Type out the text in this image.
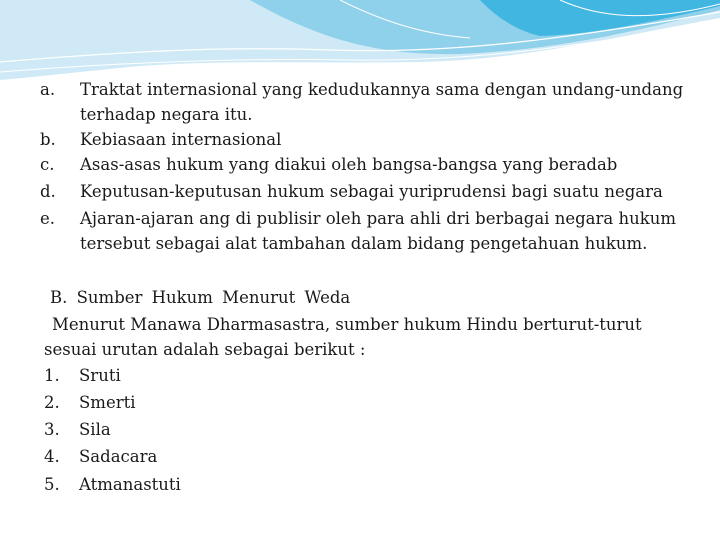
a.	Traktat internasional yang kedudukannya sama dengan undang-undang terhadap negara itu.
b.	Kebiasaan internasional
c.	Asas-asas hukum yang diakui oleh bangsa-bangsa yang beradab
d.	Keputusan-keputusan hukum sebagai yuriprudensi bagi suatu negara
e.	Ajaran-ajaran ang di publisir oleh para ahli dri berbagai negara hukum tersebut sebagai alat tambahan dalam bidang pengetahuan hukum.
B. Sumber Hukum Menurut Weda
Menurut Manawa Dharmasastra, sumber hukum Hindu berturut-turut sesuai urutan adalah sebagai berikut :
1.	Sruti
2.	Smerti
3.	Sila
4.	Sadacara
5.	Atmanastuti
